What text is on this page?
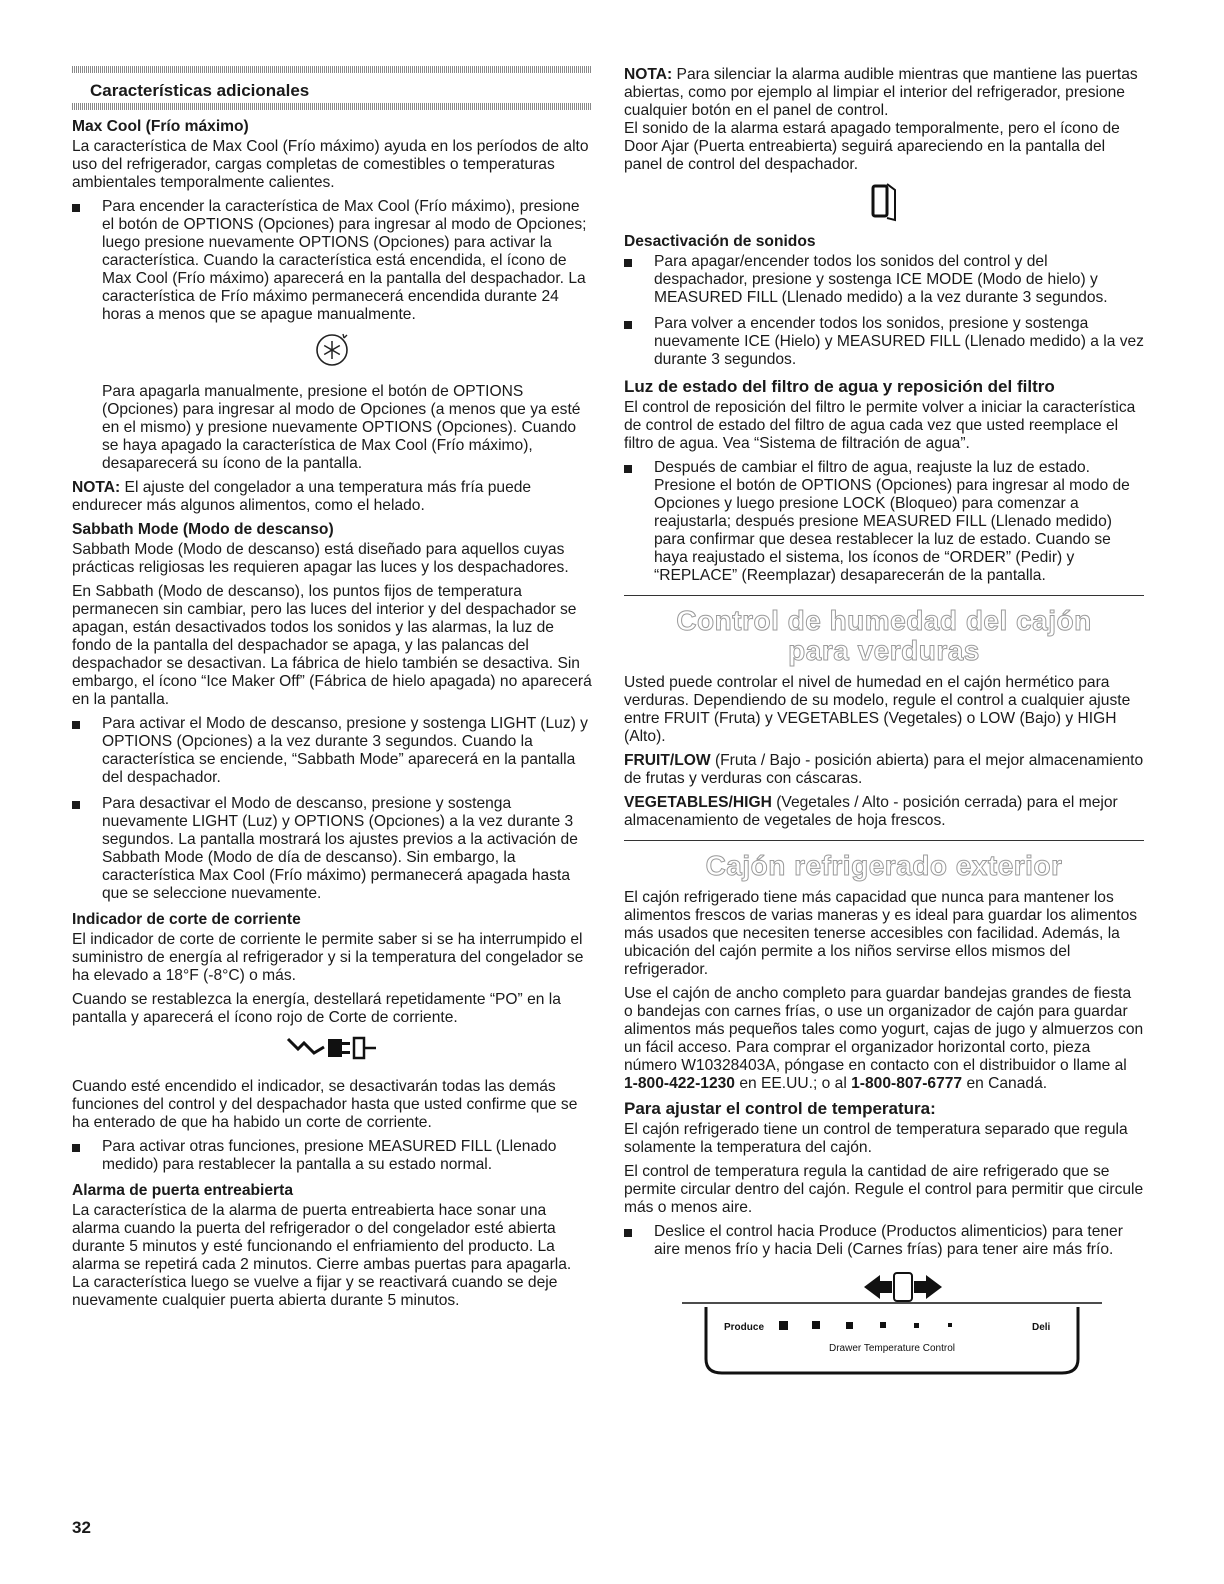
Características adicionales
Max Cool (Frío máximo)

La característica de Max Cool (Frío máximo) ayuda en los períodos de alto uso del refrigerador, cargas completas de comestibles o temperaturas ambientales temporalmente calientes.

Para encender la característica de Max Cool (Frío máximo), presione el botón de OPTIONS (Opciones) para ingresar al modo de Opciones; luego presione nuevamente OPTIONS (Opciones) para activar la característica. Cuando la característica está encendida, el ícono de Max Cool (Frío máximo) aparecerá en la pantalla del despachador. La característica de Frío máximo permanecerá encendida durante 24 horas a menos que se apague manualmente.

Para apagarla manualmente, presione el botón de OPTIONS (Opciones) para ingresar al modo de Opciones (a menos que ya esté en el mismo) y presione nuevamente OPTIONS (Opciones). Cuando se haya apagado la característica de Max Cool (Frío máximo), desaparecerá su ícono de la pantalla.

NOTA: El ajuste del congelador a una temperatura más fría puede endurecer más algunos alimentos, como el helado.

Sabbath Mode (Modo de descanso)

Sabbath Mode (Modo de descanso) está diseñado para aquellos cuyas prácticas religiosas les requieren apagar las luces y los despachadores.

En Sabbath (Modo de descanso), los puntos fijos de temperatura permanecen sin cambiar, pero las luces del interior y del despachador se apagan, están desactivados todos los sonidos y las alarmas, la luz de fondo de la pantalla del despachador se apaga, y las palancas del despachador se desactivan. La fábrica de hielo también se desactiva. Sin embargo, el ícono “Ice Maker Off” (Fábrica de hielo apagada) no aparecerá en la pantalla.

Para activar el Modo de descanso, presione y sostenga LIGHT (Luz) y OPTIONS (Opciones) a la vez durante 3 segundos. Cuando la característica se enciende, “Sabbath Mode” aparecerá en la pantalla del despachador.
Para desactivar el Modo de descanso, presione y sostenga nuevamente LIGHT (Luz) y OPTIONS (Opciones) a la vez durante 3 segundos. La pantalla mostrará los ajustes previos a la activación de Sabbath Mode (Modo de día de descanso). Sin embargo, la característica Max Cool (Frío máximo) permanecerá apagada hasta que se seleccione nuevamente.
Indicador de corte de corriente

El indicador de corte de corriente le permite saber si se ha interrumpido el suministro de energía al refrigerador y si la temperatura del congelador se ha elevado a 18°F (-8°C) o más.

Cuando se restablezca la energía, destellará repetidamente “PO” en la pantalla y aparecerá el ícono rojo de Corte de corriente.

Cuando esté encendido el indicador, se desactivarán todas las demás funciones del control y del despachador hasta que usted confirme que se ha enterado de que ha habido un corte de corriente.

Para activar otras funciones, presione MEASURED FILL (Llenado medido) para restablecer la pantalla a su estado normal.
Alarma de puerta entreabierta

La característica de la alarma de puerta entreabierta hace sonar una alarma cuando la puerta del refrigerador o del congelador esté abierta durante 5 minutos y esté funcionando el enfriamiento del producto. La alarma se repetirá cada 2 minutos. Cierre ambas puertas para apagarla. La característica luego se vuelve a fijar y se reactivará cuando se deje nuevamente cualquier puerta abierta durante 5 minutos.

NOTA: Para silenciar la alarma audible mientras que mantiene las puertas abiertas, como por ejemplo al limpiar el interior del refrigerador, presione cualquier botón en el panel de control.

El sonido de la alarma estará apagado temporalmente, pero el ícono de Door Ajar (Puerta entreabierta) seguirá apareciendo en la pantalla del panel de control del despachador.

Desactivación de sonidos
Para apagar/encender todos los sonidos del control y del despachador, presione y sostenga ICE MODE (Modo de hielo) y MEASURED FILL (Llenado medido) a la vez durante 3 segundos.
Para volver a encender todos los sonidos, presione y sostenga nuevamente ICE (Hielo) y MEASURED FILL (Llenado medido) a la vez durante 3 segundos.
Luz de estado del filtro de agua y reposición del filtro

El control de reposición del filtro le permite volver a iniciar la característica de control de estado del filtro de agua cada vez que usted reemplace el filtro de agua. Vea “Sistema de filtración de agua”.

Después de cambiar el filtro de agua, reajuste la luz de estado. Presione el botón de OPTIONS (Opciones) para ingresar al modo de Opciones y luego presione LOCK (Bloqueo) para comenzar a reajustarla; después presione MEASURED FILL (Llenado medido) para confirmar que desea restablecer la luz de estado. Cuando se haya reajustado el sistema, los íconos de “ORDER” (Pedir) y “REPLACE” (Reemplazar) desaparecerán de la pantalla.
Control de humedad del cajón
para verduras

Usted puede controlar el nivel de humedad en el cajón hermético para verduras. Dependiendo de su modelo, regule el control a cualquier ajuste entre FRUIT (Fruta) y VEGETABLES (Vegetales) o LOW (Bajo) y HIGH (Alto).

FRUIT/LOW (Fruta / Bajo - posición abierta) para el mejor almacenamiento de frutas y verduras con cáscaras.

VEGETABLES/HIGH (Vegetales / Alto - posición cerrada) para el mejor almacenamiento de vegetales de hoja frescos.

Cajón refrigerado exterior

El cajón refrigerado tiene más capacidad que nunca para mantener los alimentos frescos de varias maneras y es ideal para guardar los alimentos más usados que necesiten tenerse accesibles con facilidad. Además, la ubicación del cajón permite a los niños servirse ellos mismos del refrigerador.

Use el cajón de ancho completo para guardar bandejas grandes de fiesta o bandejas con carnes frías, o use un organizador de cajón para guardar alimentos más pequeños tales como yogurt, cajas de jugo y almuerzos con un fácil acceso. Para comprar el organizador horizontal corto, pieza número W10328403A, póngase en contacto con el distribuidor o llame al 1-800-422-1230 en EE.UU.; o al 1-800-807-6777 en Canadá.

Para ajustar el control de temperatura:

El cajón refrigerado tiene un control de temperatura separado que regula solamente la temperatura del cajón.

El control de temperatura regula la cantidad de aire refrigerado que se permite circular dentro del cajón. Regule el control para permitir que circule más o menos aire.

Deslice el control hacia Produce (Productos alimenticios) para tener aire menos frío y hacia Deli (Carnes frías) para tener aire más frío.
Produce	Deli
Drawer Temperature Control
32
